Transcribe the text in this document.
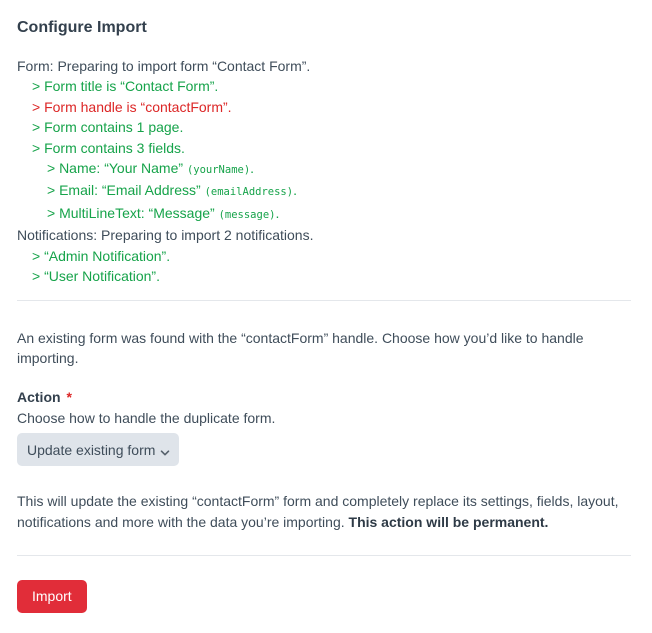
Configure Import
Form: Preparing to import form “Contact Form”.
> Form title is “Contact Form”.
> Form handle is “contactForm”.
> Form contains 1 page.
> Form contains 3 fields.
> Name: “Your Name” (yourName).
> Email: “Email Address” (emailAddress).
> MultiLineText: “Message” (message).
Notifications: Preparing to import 2 notifications.
> “Admin Notification”.
> “User Notification”.

An existing form was found with the “contactForm” handle. Choose how you’d like to handle importing.

Action *
Choose how to handle the duplicate form.
Update existing form

This will update the existing “contactForm” form and completely replace its settings, fields, layout, notifications and more with the data you’re importing. This action will be permanent.

Import
